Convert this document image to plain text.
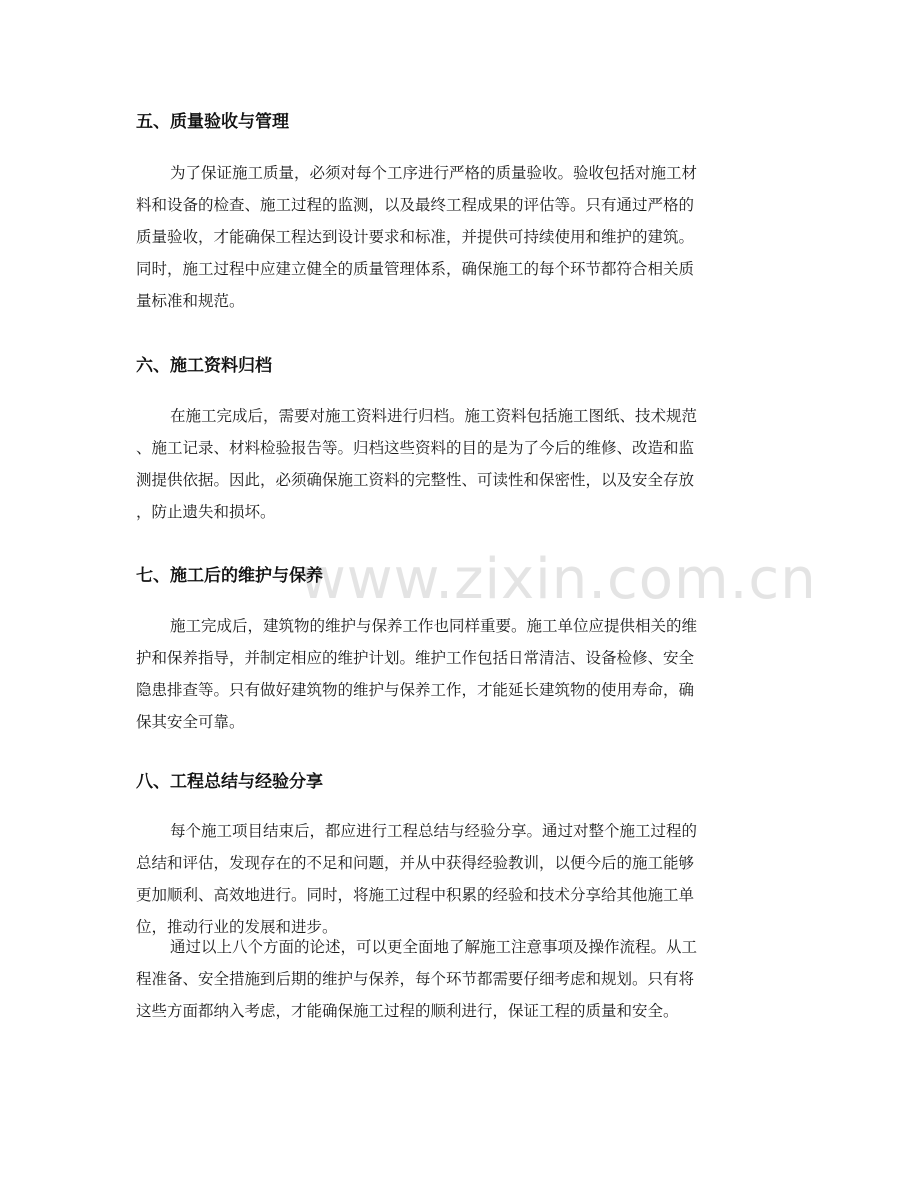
www.zixin.com.cn
五、质量验收与管理
为了保证施工质量，必须对每个工序进行严格的质量验收。验收包括对施工材
料和设备的检查、施工过程的监测，以及最终工程成果的评估等。只有通过严格的
质量验收，才能确保工程达到设计要求和标准，并提供可持续使用和维护的建筑。
同时，施工过程中应建立健全的质量管理体系，确保施工的每个环节都符合相关质
量标准和规范。
六、施工资料归档
在施工完成后，需要对施工资料进行归档。施工资料包括施工图纸、技术规范
、施工记录、材料检验报告等。归档这些资料的目的是为了今后的维修、改造和监
测提供依据。因此，必须确保施工资料的完整性、可读性和保密性，以及安全存放
，防止遗失和损坏。
七、施工后的维护与保养
施工完成后，建筑物的维护与保养工作也同样重要。施工单位应提供相关的维
护和保养指导，并制定相应的维护计划。维护工作包括日常清洁、设备检修、安全
隐患排查等。只有做好建筑物的维护与保养工作，才能延长建筑物的使用寿命，确
保其安全可靠。
八、工程总结与经验分享
每个施工项目结束后，都应进行工程总结与经验分享。通过对整个施工过程的
总结和评估，发现存在的不足和问题，并从中获得经验教训，以便今后的施工能够
更加顺利、高效地进行。同时，将施工过程中积累的经验和技术分享给其他施工单
位，推动行业的发展和进步。
通过以上八个方面的论述，可以更全面地了解施工注意事项及操作流程。从工
程准备、安全措施到后期的维护与保养，每个环节都需要仔细考虑和规划。只有将
这些方面都纳入考虑，才能确保施工过程的顺利进行，保证工程的质量和安全。
